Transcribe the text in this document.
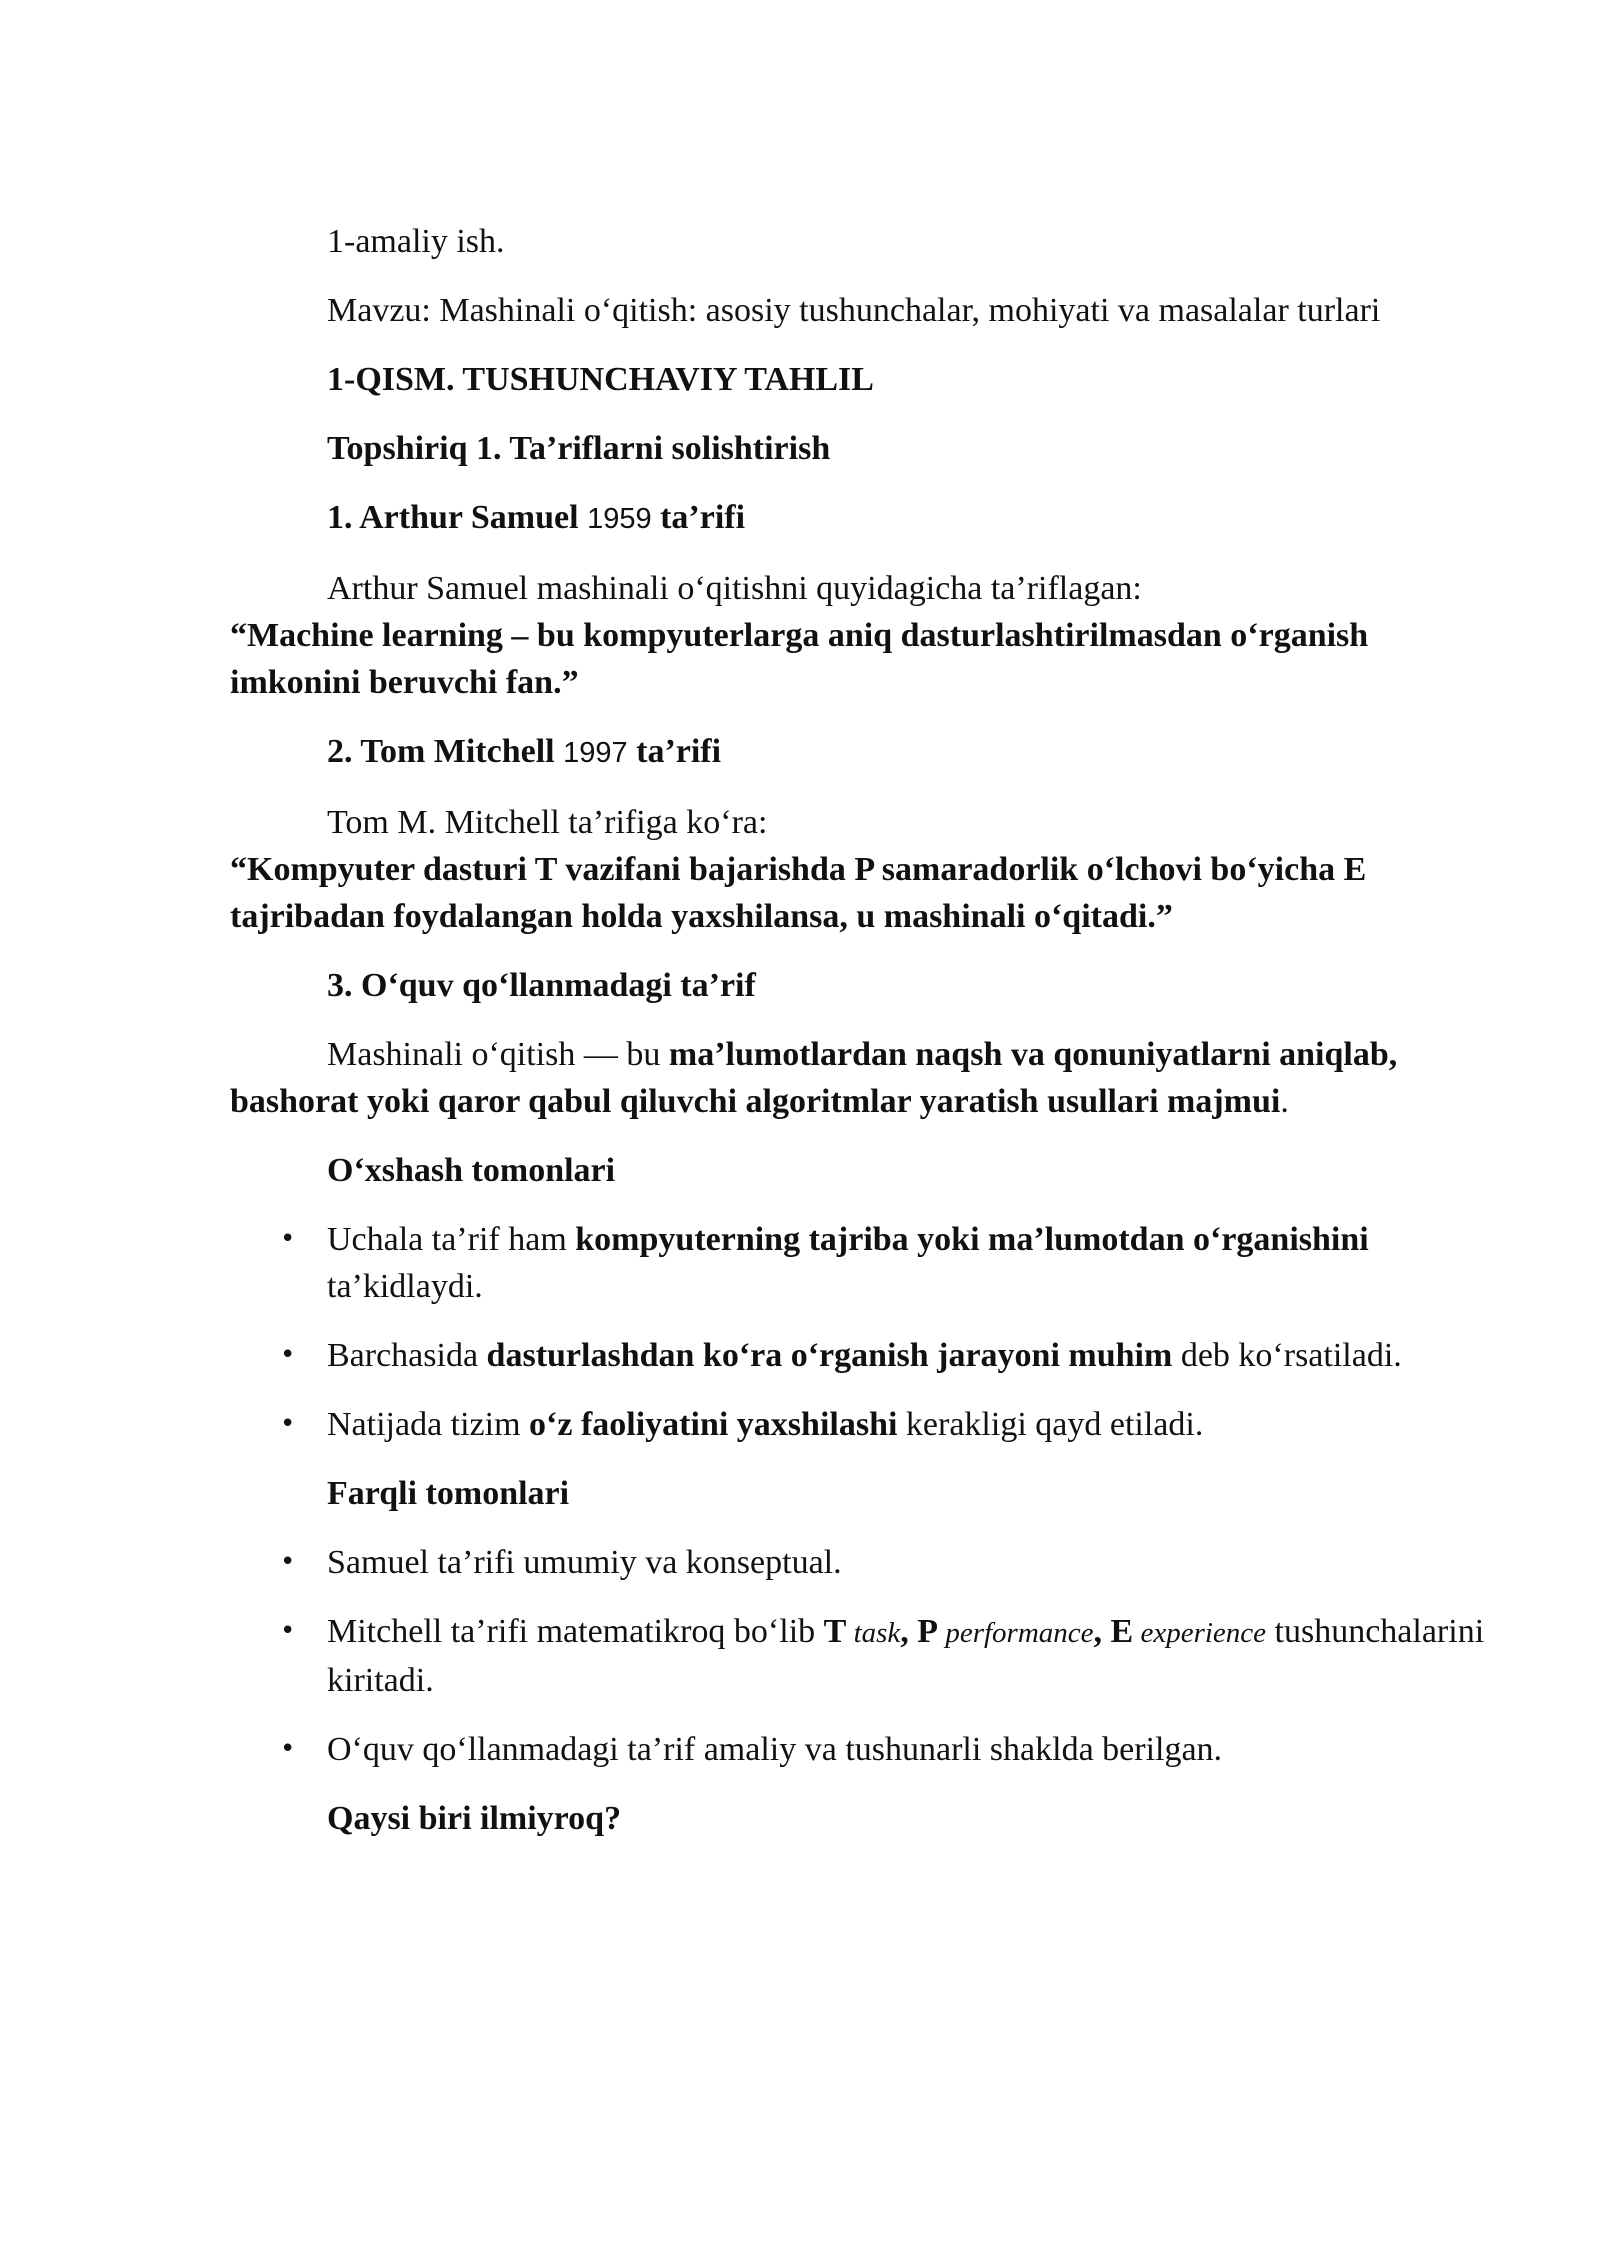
1-amaliy ish.

Mavzu: Mashinali o‘qitish: asosiy tushunchalar, mohiyati va masalalar turlari

1-QISM. TUSHUNCHAVIY TAHLIL

Topshiriq 1. Ta’riflarni solishtirish

1. Arthur Samuel 1959 ta’rifi

Arthur Samuel mashinali o‘qitishni quyidagicha ta’riflagan:

“Machine learning – bu kompyuterlarga aniq dasturlashtirilmasdan o‘rganish imkonini beruvchi fan.”

2. Tom Mitchell 1997 ta’rifi

Tom M. Mitchell ta’rifiga ko‘ra:

“Kompyuter dasturi T vazifani bajarishda P samaradorlik o‘lchovi bo‘yicha E tajribadan foydalangan holda yaxshilansa, u mashinali o‘qitadi.”

3. O‘quv qo‘llanmadagi ta’rif

Mashinali o‘qitish — bu ma’lumotlardan naqsh va qonuniyatlarni aniqlab, bashorat yoki qaror qabul qiluvchi algoritmlar yaratish usullari majmui.

O‘xshash tomonlari

• Uchala ta’rif ham kompyuterning tajriba yoki ma’lumotdan o‘rganishini ta’kidlaydi.
• Barchasida dasturlashdan ko‘ra o‘rganish jarayoni muhim deb ko‘rsatiladi.
• Natijada tizim o‘z faoliyatini yaxshilashi kerakligi qayd etiladi.

Farqli tomonlari

• Samuel ta’rifi umumiy va konseptual.
• Mitchell ta’rifi matematikroq bo‘lib T task, P performance, E experience tushunchalarini kiritadi.
• O‘quv qo‘llanmadagi ta’rif amaliy va tushunarli shaklda berilgan.

Qaysi biri ilmiyroq?
